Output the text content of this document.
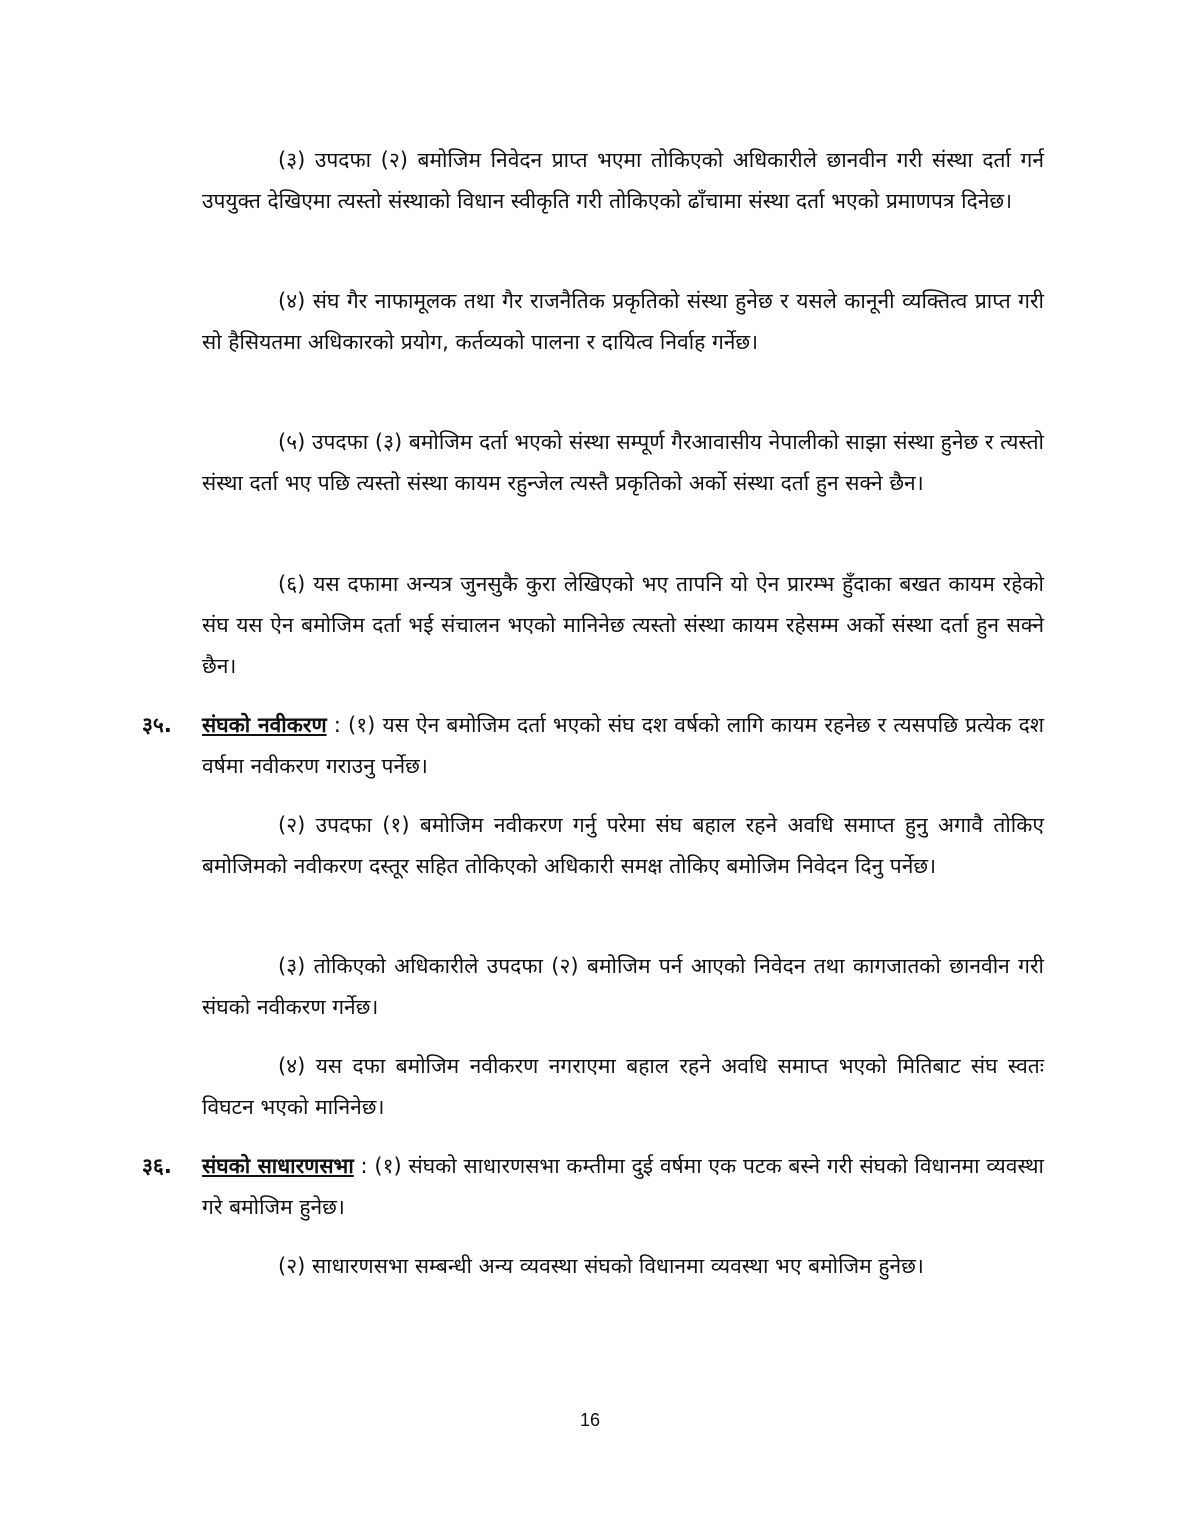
(३) उपदफा (२) बमोजिम निवेदन प्राप्त भएमा तोकिएको अधिकारीले छानवीन गरी संस्था दर्ता गर्न उपयुक्त देखिएमा त्यस्तो संस्थाको विधान स्वीकृति गरी तोकिएको ढाँचामा संस्था दर्ता भएको प्रमाणपत्र दिनेछ।

(४) संघ गैर नाफामूलक तथा गैर राजनैतिक प्रकृतिको संस्था हुनेछ र यसले कानूनी व्यक्तित्व प्राप्त गरी सो हैसियतमा अधिकारको प्रयोग, कर्तव्यको पालना र दायित्व निर्वाह गर्नेछ।

(५) उपदफा (३) बमोजिम दर्ता भएको संस्था सम्पूर्ण गैरआवासीय नेपालीको साझा संस्था हुनेछ र त्यस्तो संस्था दर्ता भए पछि त्यस्तो संस्था कायम रहुन्जेल त्यस्तै प्रकृतिको अर्को संस्था दर्ता हुन सक्ने छैन।

(६) यस दफामा अन्यत्र जुनसुकै कुरा लेखिएको भए तापनि यो ऐन प्रारम्भ हुँदाका बखत कायम रहेको संघ यस ऐन बमोजिम दर्ता भई संचालन भएको मानिनेछ त्यस्तो संस्था कायम रहेसम्म अर्को संस्था दर्ता हुन सक्ने छैन।

३५. संघको नवीकरण : (१) यस ऐन बमोजिम दर्ता भएको संघ दश वर्षको लागि कायम रहनेछ र त्यसपछि प्रत्येक दश वर्षमा नवीकरण गराउनु पर्नेछ।

(२) उपदफा (१) बमोजिम नवीकरण गर्नु परेमा संघ बहाल रहने अवधि समाप्त हुनु अगावै तोकिए बमोजिमको नवीकरण दस्तूर सहित तोकिएको अधिकारी समक्ष तोकिए बमोजिम निवेदन दिनु पर्नेछ।

(३) तोकिएको अधिकारीले उपदफा (२) बमोजिम पर्न आएको निवेदन तथा कागजातको छानवीन गरी संघको नवीकरण गर्नेछ।

(४) यस दफा बमोजिम नवीकरण नगराएमा बहाल रहने अवधि समाप्त भएको मितिबाट संघ स्वतः विघटन भएको मानिनेछ।

३६. संघको साधारणसभा : (१) संघको साधारणसभा कम्तीमा दुई वर्षमा एक पटक बस्ने गरी संघको विधानमा व्यवस्था गरे बमोजिम हुनेछ।

(२) साधारणसभा सम्बन्धी अन्य व्यवस्था संघको विधानमा व्यवस्था भए बमोजिम हुनेछ।

16
